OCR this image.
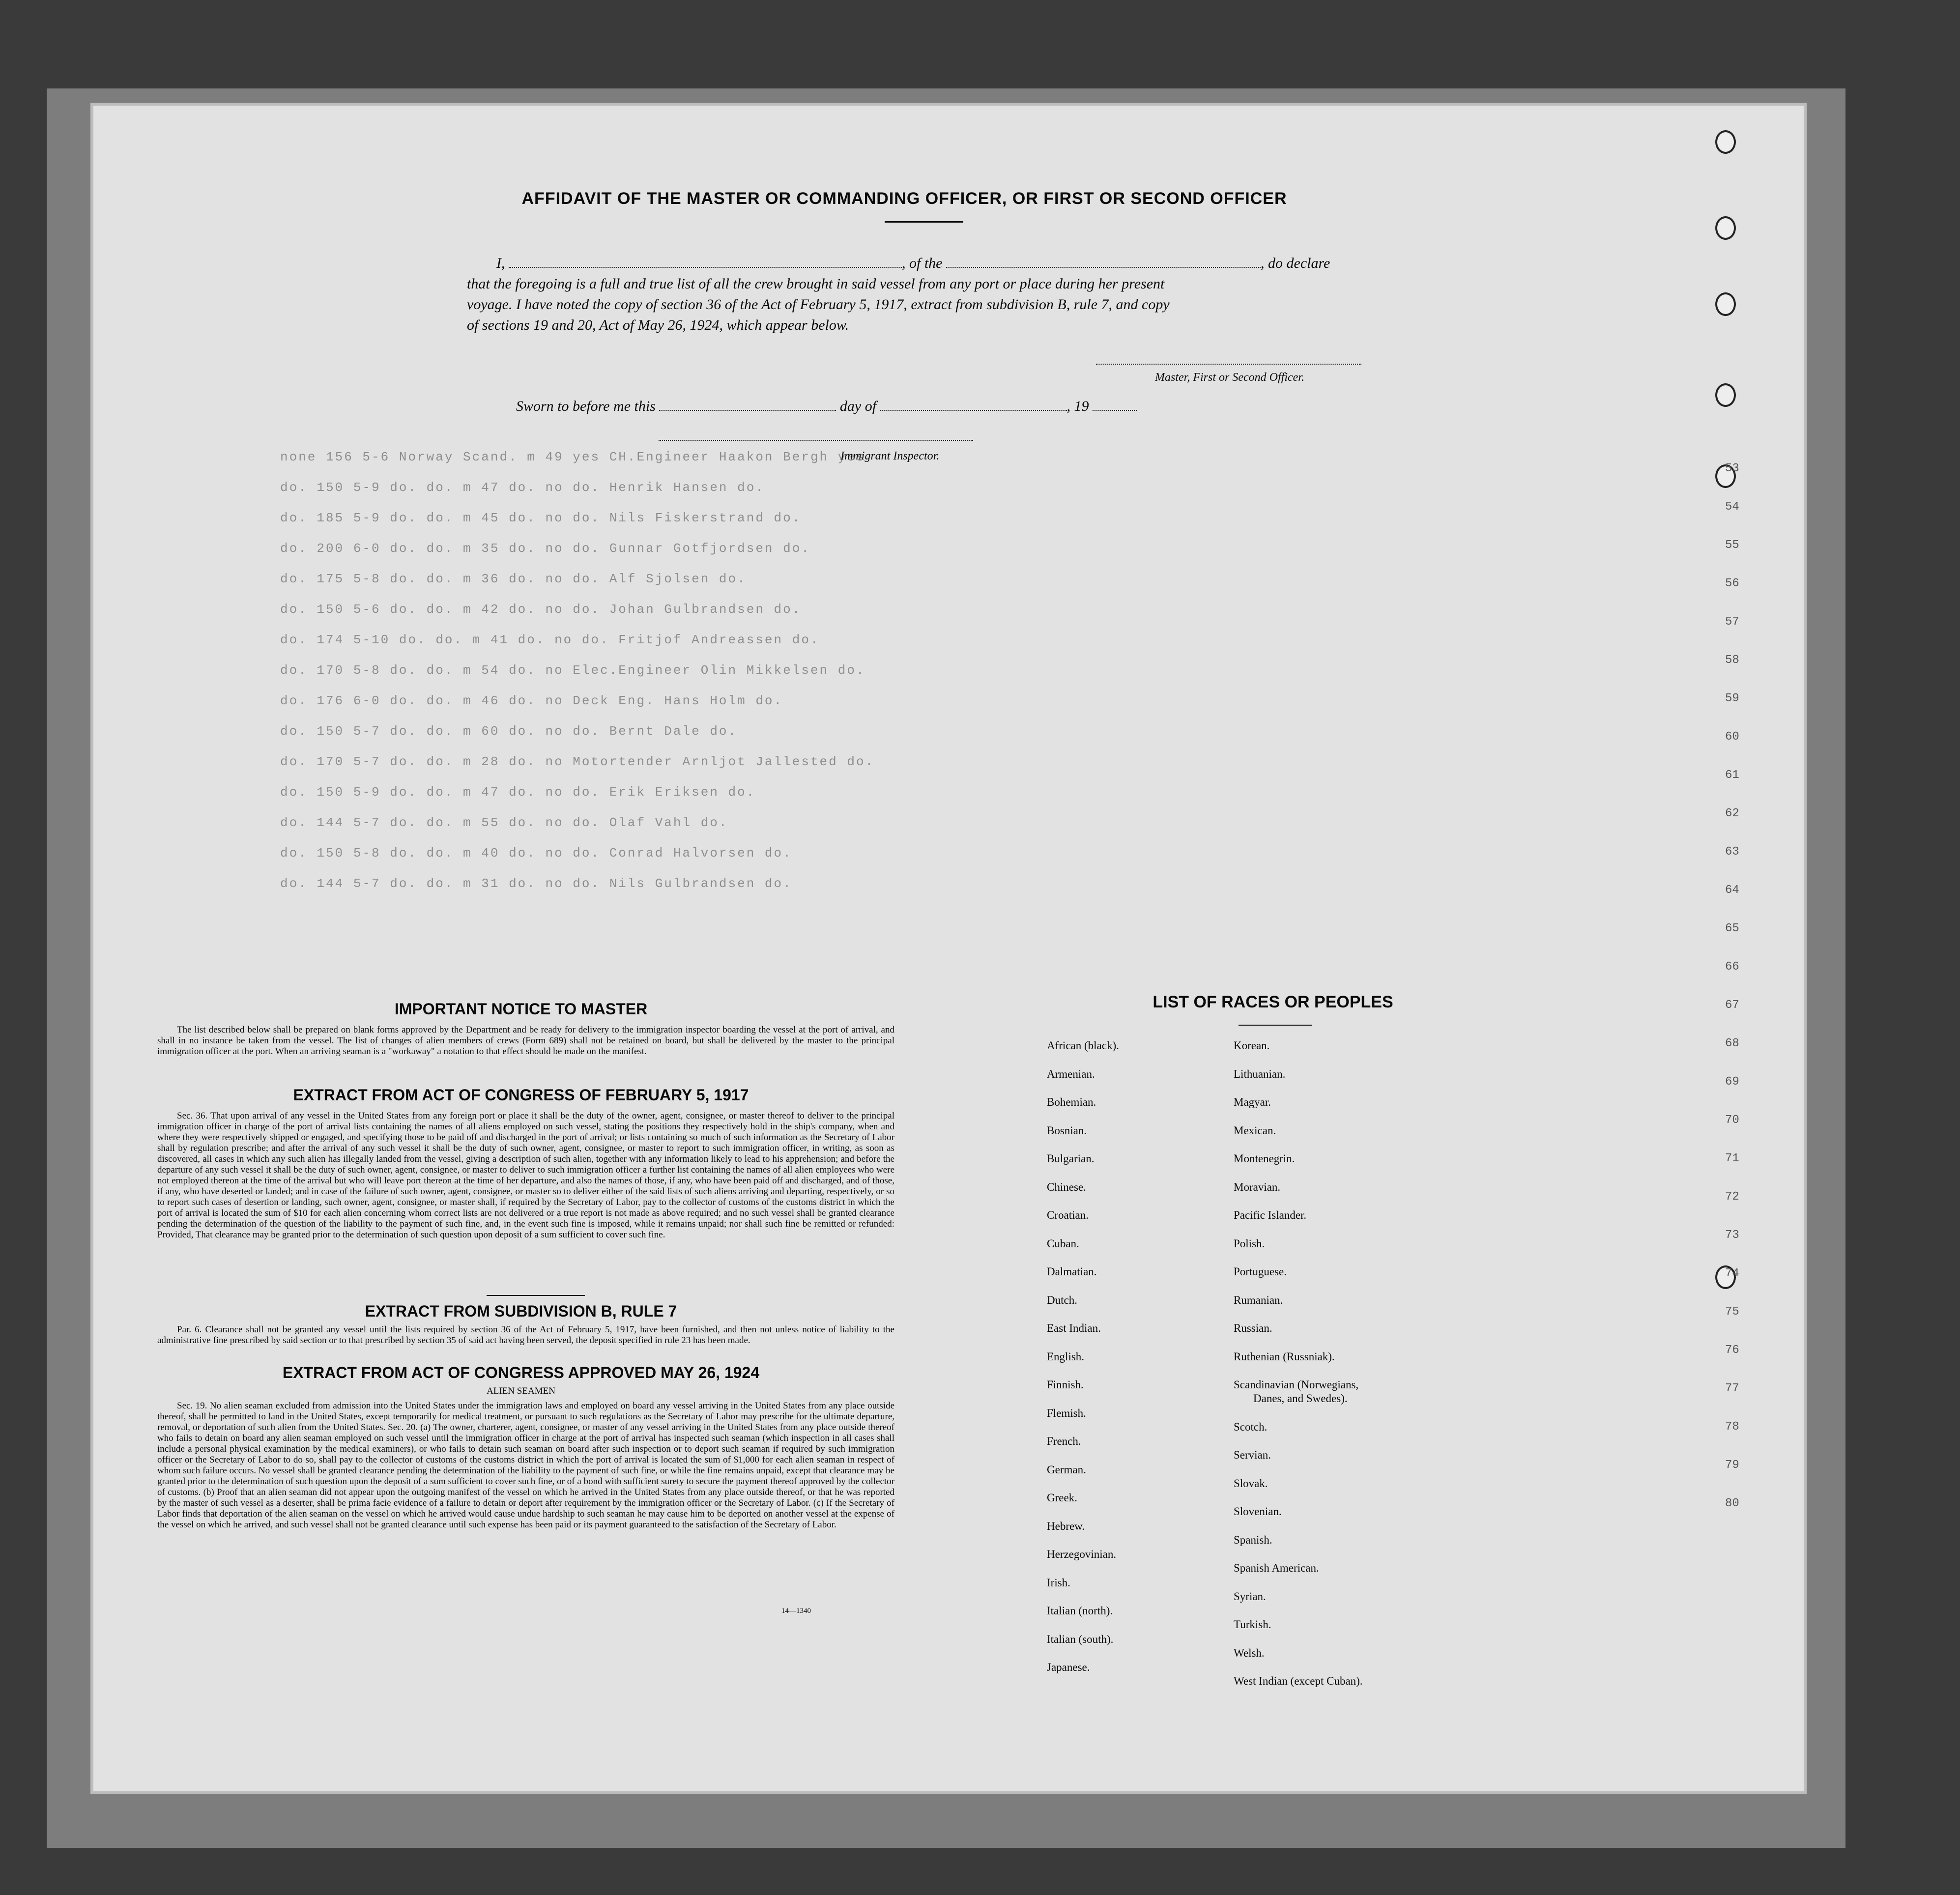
none 156 5-6 Norway Scand. m 49 yes CH.Engineer Haakon Bergh yes
do. 150 5-9 do. do. m 47 do. no do. Henrik Hansen do.
do. 185 5-9 do. do. m 45 do. no do. Nils Fiskerstrand do.
do. 200 6-0 do. do. m 35 do. no do. Gunnar Gotfjordsen do.
do. 175 5-8 do. do. m 36 do. no do. Alf Sjolsen do.
do. 150 5-6 do. do. m 42 do. no do. Johan Gulbrandsen do.
do. 174 5-10 do. do. m 41 do. no do. Fritjof Andreassen do.
do. 170 5-8 do. do. m 54 do. no Elec.Engineer Olin Mikkelsen do.
do. 176 6-0 do. do. m 46 do. no Deck Eng. Hans Holm do.
do. 150 5-7 do. do. m 60 do. no do. Bernt Dale do.
do. 170 5-7 do. do. m 28 do. no Motortender Arnljot Jallested do.
do. 150 5-9 do. do. m 47 do. no do. Erik Eriksen do.
do. 144 5-7 do. do. m 55 do. no do. Olaf Vahl do.
do. 150 5-8 do. do. m 40 do. no do. Conrad Halvorsen do.
do. 144 5-7 do. do. m 31 do. no do. Nils Gulbrandsen do.
53
54
55
56
57
58
59
60
61
62
63
64
65
66
67
68
69
70
71
72
73
74
75
76
77
78
79
80
AFFIDAVIT OF THE MASTER OR COMMANDING OFFICER, OR FIRST OR SECOND OFFICER
I,	, of the	, do declare
that the foregoing is a full and true list of all the crew brought in said vessel from any port or place during her present
voyage. I have noted the copy of section 36 of the Act of February 5, 1917, extract from subdivision B, rule 7, and copy
of sections 19 and 20, Act of May 26, 1924, which appear below.
Master, First or Second Officer.
Sworn to before me this	day of	, 19
Immigrant Inspector.
IMPORTANT NOTICE TO MASTER
The list described below shall be prepared on blank forms approved by the Department and be ready for delivery to the immigration inspector boarding the vessel at the port of arrival, and shall in no instance be taken from the vessel. The list of changes of alien members of crews (Form 689) shall not be retained on board, but shall be delivered by the master to the principal immigration officer at the port. When an arriving seaman is a "workaway" a notation to that effect should be made on the manifest.
EXTRACT FROM ACT OF CONGRESS OF FEBRUARY 5, 1917
Sec. 36. That upon arrival of any vessel in the United States from any foreign port or place it shall be the duty of the owner, agent, consignee, or master thereof to deliver to the principal immigration officer in charge of the port of arrival lists containing the names of all aliens employed on such vessel, stating the positions they respectively hold in the ship's company, when and where they were respectively shipped or engaged, and specifying those to be paid off and discharged in the port of arrival; or lists containing so much of such information as the Secretary of Labor shall by regulation prescribe; and after the arrival of any such vessel it shall be the duty of such owner, agent, consignee, or master to report to such immigration officer, in writing, as soon as discovered, all cases in which any such alien has illegally landed from the vessel, giving a description of such alien, together with any information likely to lead to his apprehension; and before the departure of any such vessel it shall be the duty of such owner, agent, consignee, or master to deliver to such immigration officer a further list containing the names of all alien employees who were not employed thereon at the time of the arrival but who will leave port thereon at the time of her departure, and also the names of those, if any, who have been paid off and discharged, and of those, if any, who have deserted or landed; and in case of the failure of such owner, agent, consignee, or master so to deliver either of the said lists of such aliens arriving and departing, respectively, or so to report such cases of desertion or landing, such owner, agent, consignee, or master shall, if required by the Secretary of Labor, pay to the collector of customs of the customs district in which the port of arrival is located the sum of $10 for each alien concerning whom correct lists are not delivered or a true report is not made as above required; and no such vessel shall be granted clearance pending the determination of the question of the liability to the payment of such fine, and, in the event such fine is imposed, while it remains unpaid; nor shall such fine be remitted or refunded: Provided, That clearance may be granted prior to the determination of such question upon deposit of a sum sufficient to cover such fine.
EXTRACT FROM SUBDIVISION B, RULE 7
Par. 6. Clearance shall not be granted any vessel until the lists required by section 36 of the Act of February 5, 1917, have been furnished, and then not unless notice of liability to the administrative fine prescribed by said section or to that prescribed by section 35 of said act having been served, the deposit specified in rule 23 has been made.
EXTRACT FROM ACT OF CONGRESS APPROVED MAY 26, 1924
ALIEN SEAMEN
Sec. 19. No alien seaman excluded from admission into the United States under the immigration laws and employed on board any vessel arriving in the United States from any place outside thereof, shall be permitted to land in the United States, except temporarily for medical treatment, or pursuant to such regulations as the Secretary of Labor may prescribe for the ultimate departure, removal, or deportation of such alien from the United States. Sec. 20. (a) The owner, charterer, agent, consignee, or master of any vessel arriving in the United States from any place outside thereof who fails to detain on board any alien seaman employed on such vessel until the immigration officer in charge at the port of arrival has inspected such seaman (which inspection in all cases shall include a personal physical examination by the medical examiners), or who fails to detain such seaman on board after such inspection or to deport such seaman if required by such immigration officer or the Secretary of Labor to do so, shall pay to the collector of customs of the customs district in which the port of arrival is located the sum of $1,000 for each alien seaman in respect of whom such failure occurs. No vessel shall be granted clearance pending the determination of the liability to the payment of such fine, or while the fine remains unpaid, except that clearance may be granted prior to the determination of such question upon the deposit of a sum sufficient to cover such fine, or of a bond with sufficient surety to secure the payment thereof approved by the collector of customs. (b) Proof that an alien seaman did not appear upon the outgoing manifest of the vessel on which he arrived in the United States from any place outside thereof, or that he was reported by the master of such vessel as a deserter, shall be prima facie evidence of a failure to detain or deport after requirement by the immigration officer or the Secretary of Labor. (c) If the Secretary of Labor finds that deportation of the alien seaman on the vessel on which he arrived would cause undue hardship to such seaman he may cause him to be deported on another vessel at the expense of the vessel on which he arrived, and such vessel shall not be granted clearance until such expense has been paid or its payment guaranteed to the satisfaction of the Secretary of Labor.
14—1340
LIST OF RACES OR PEOPLES
African (black).
Armenian.
Bohemian.
Bosnian.
Bulgarian.
Chinese.
Croatian.
Cuban.
Dalmatian.
Dutch.
East Indian.
English.
Finnish.
Flemish.
French.
German.
Greek.
Hebrew.
Herzegovinian.
Irish.
Italian (north).
Italian (south).
Japanese.
Korean.
Lithuanian.
Magyar.
Mexican.
Montenegrin.
Moravian.
Pacific Islander.
Polish.
Portuguese.
Rumanian.
Russian.
Ruthenian (Russniak).
Scandinavian (Norwegians,
Danes, and Swedes).
Scotch.
Servian.
Slovak.
Slovenian.
Spanish.
Spanish American.
Syrian.
Turkish.
Welsh.
West Indian (except Cuban).
